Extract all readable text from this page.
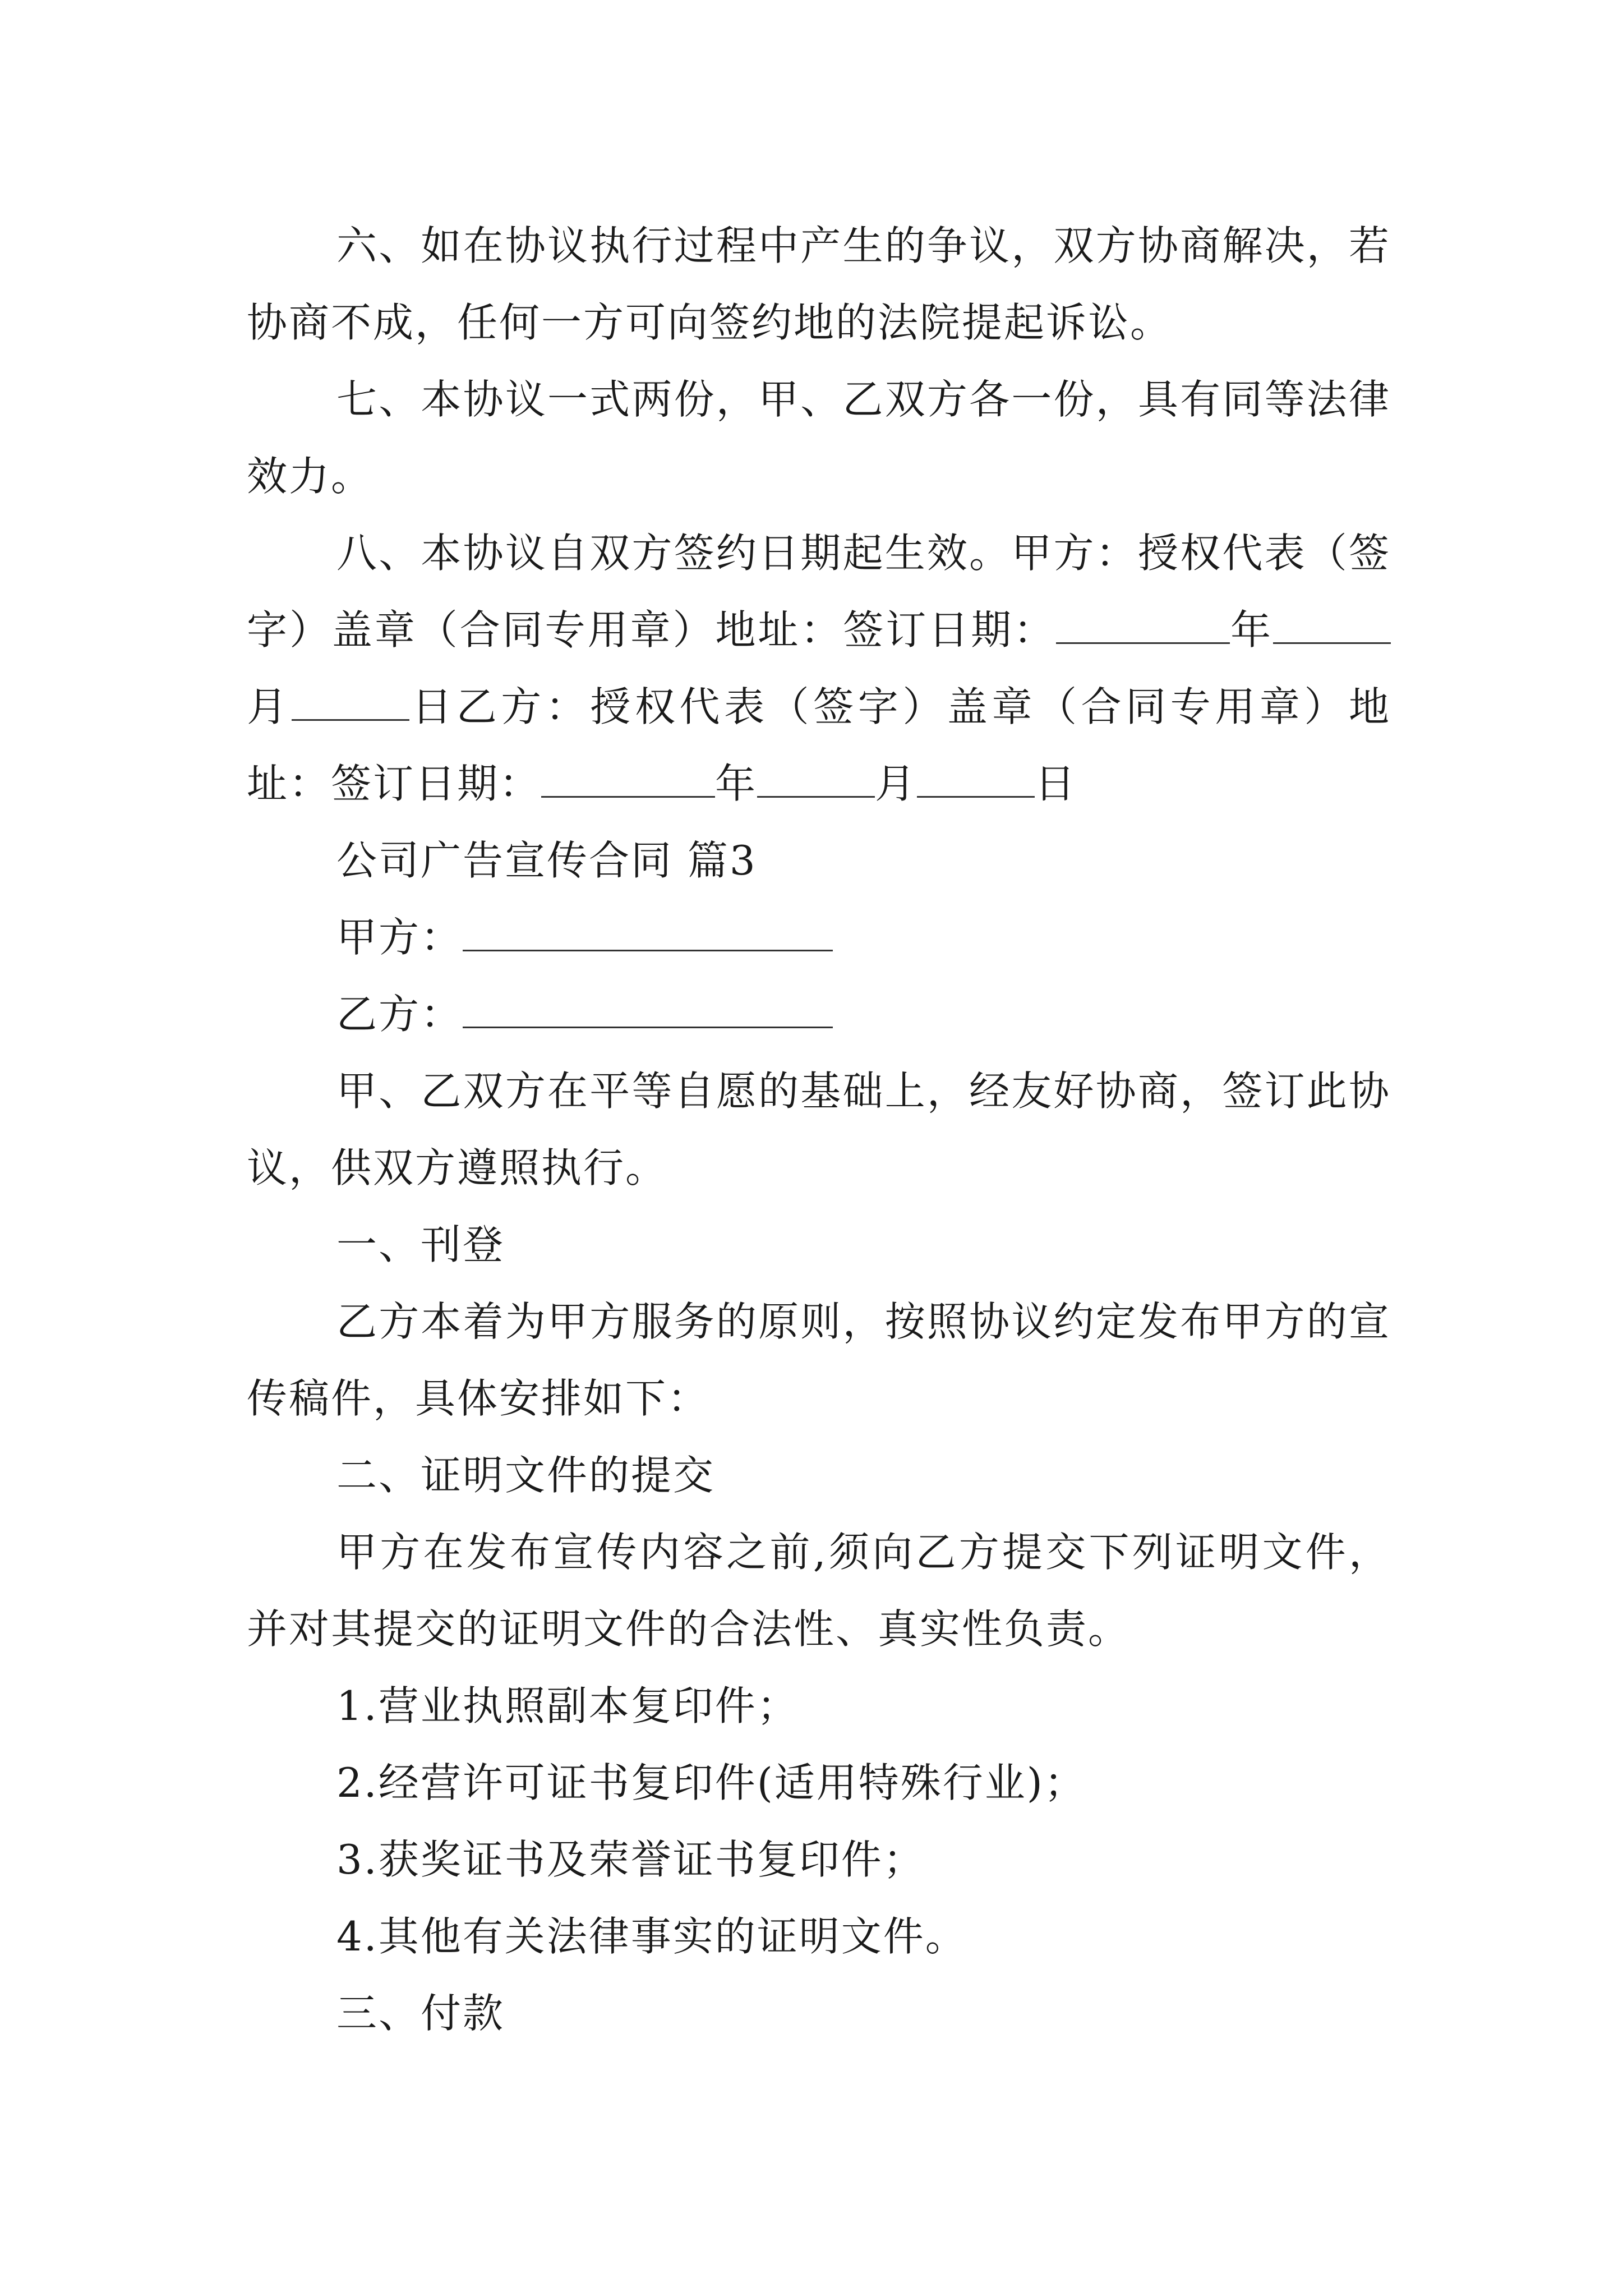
六、如在协议执行过程中产生的争议，双方协商解决，若协商不成，任何一方可向签约地的法院提起诉讼。

七、本协议一式两份，甲、乙双方各一份，具有同等法律效力。

八、本协议自双方签约日期起生效。甲方：授权代表（签字）盖章（合同专用章）地址：签订日期：	年月	日乙方：授权代表（签字）盖章（合同专用章）地址：签订日期：	年	月	日

公司广告宣传合同 篇3

甲方：

乙方：

甲、乙双方在平等自愿的基础上，经友好协商，签订此协议，供双方遵照执行。

一、刊登

乙方本着为甲方服务的原则，按照协议约定发布甲方的宣传稿件，具体安排如下：

二、证明文件的提交

甲方在发布宣传内容之前,须向乙方提交下列证明文件，并对其提交的证明文件的合法性、真实性负责。

1.营业执照副本复印件；

2.经营许可证书复印件(适用特殊行业)；

3.获奖证书及荣誉证书复印件；

4.其他有关法律事实的证明文件。

三、付款
